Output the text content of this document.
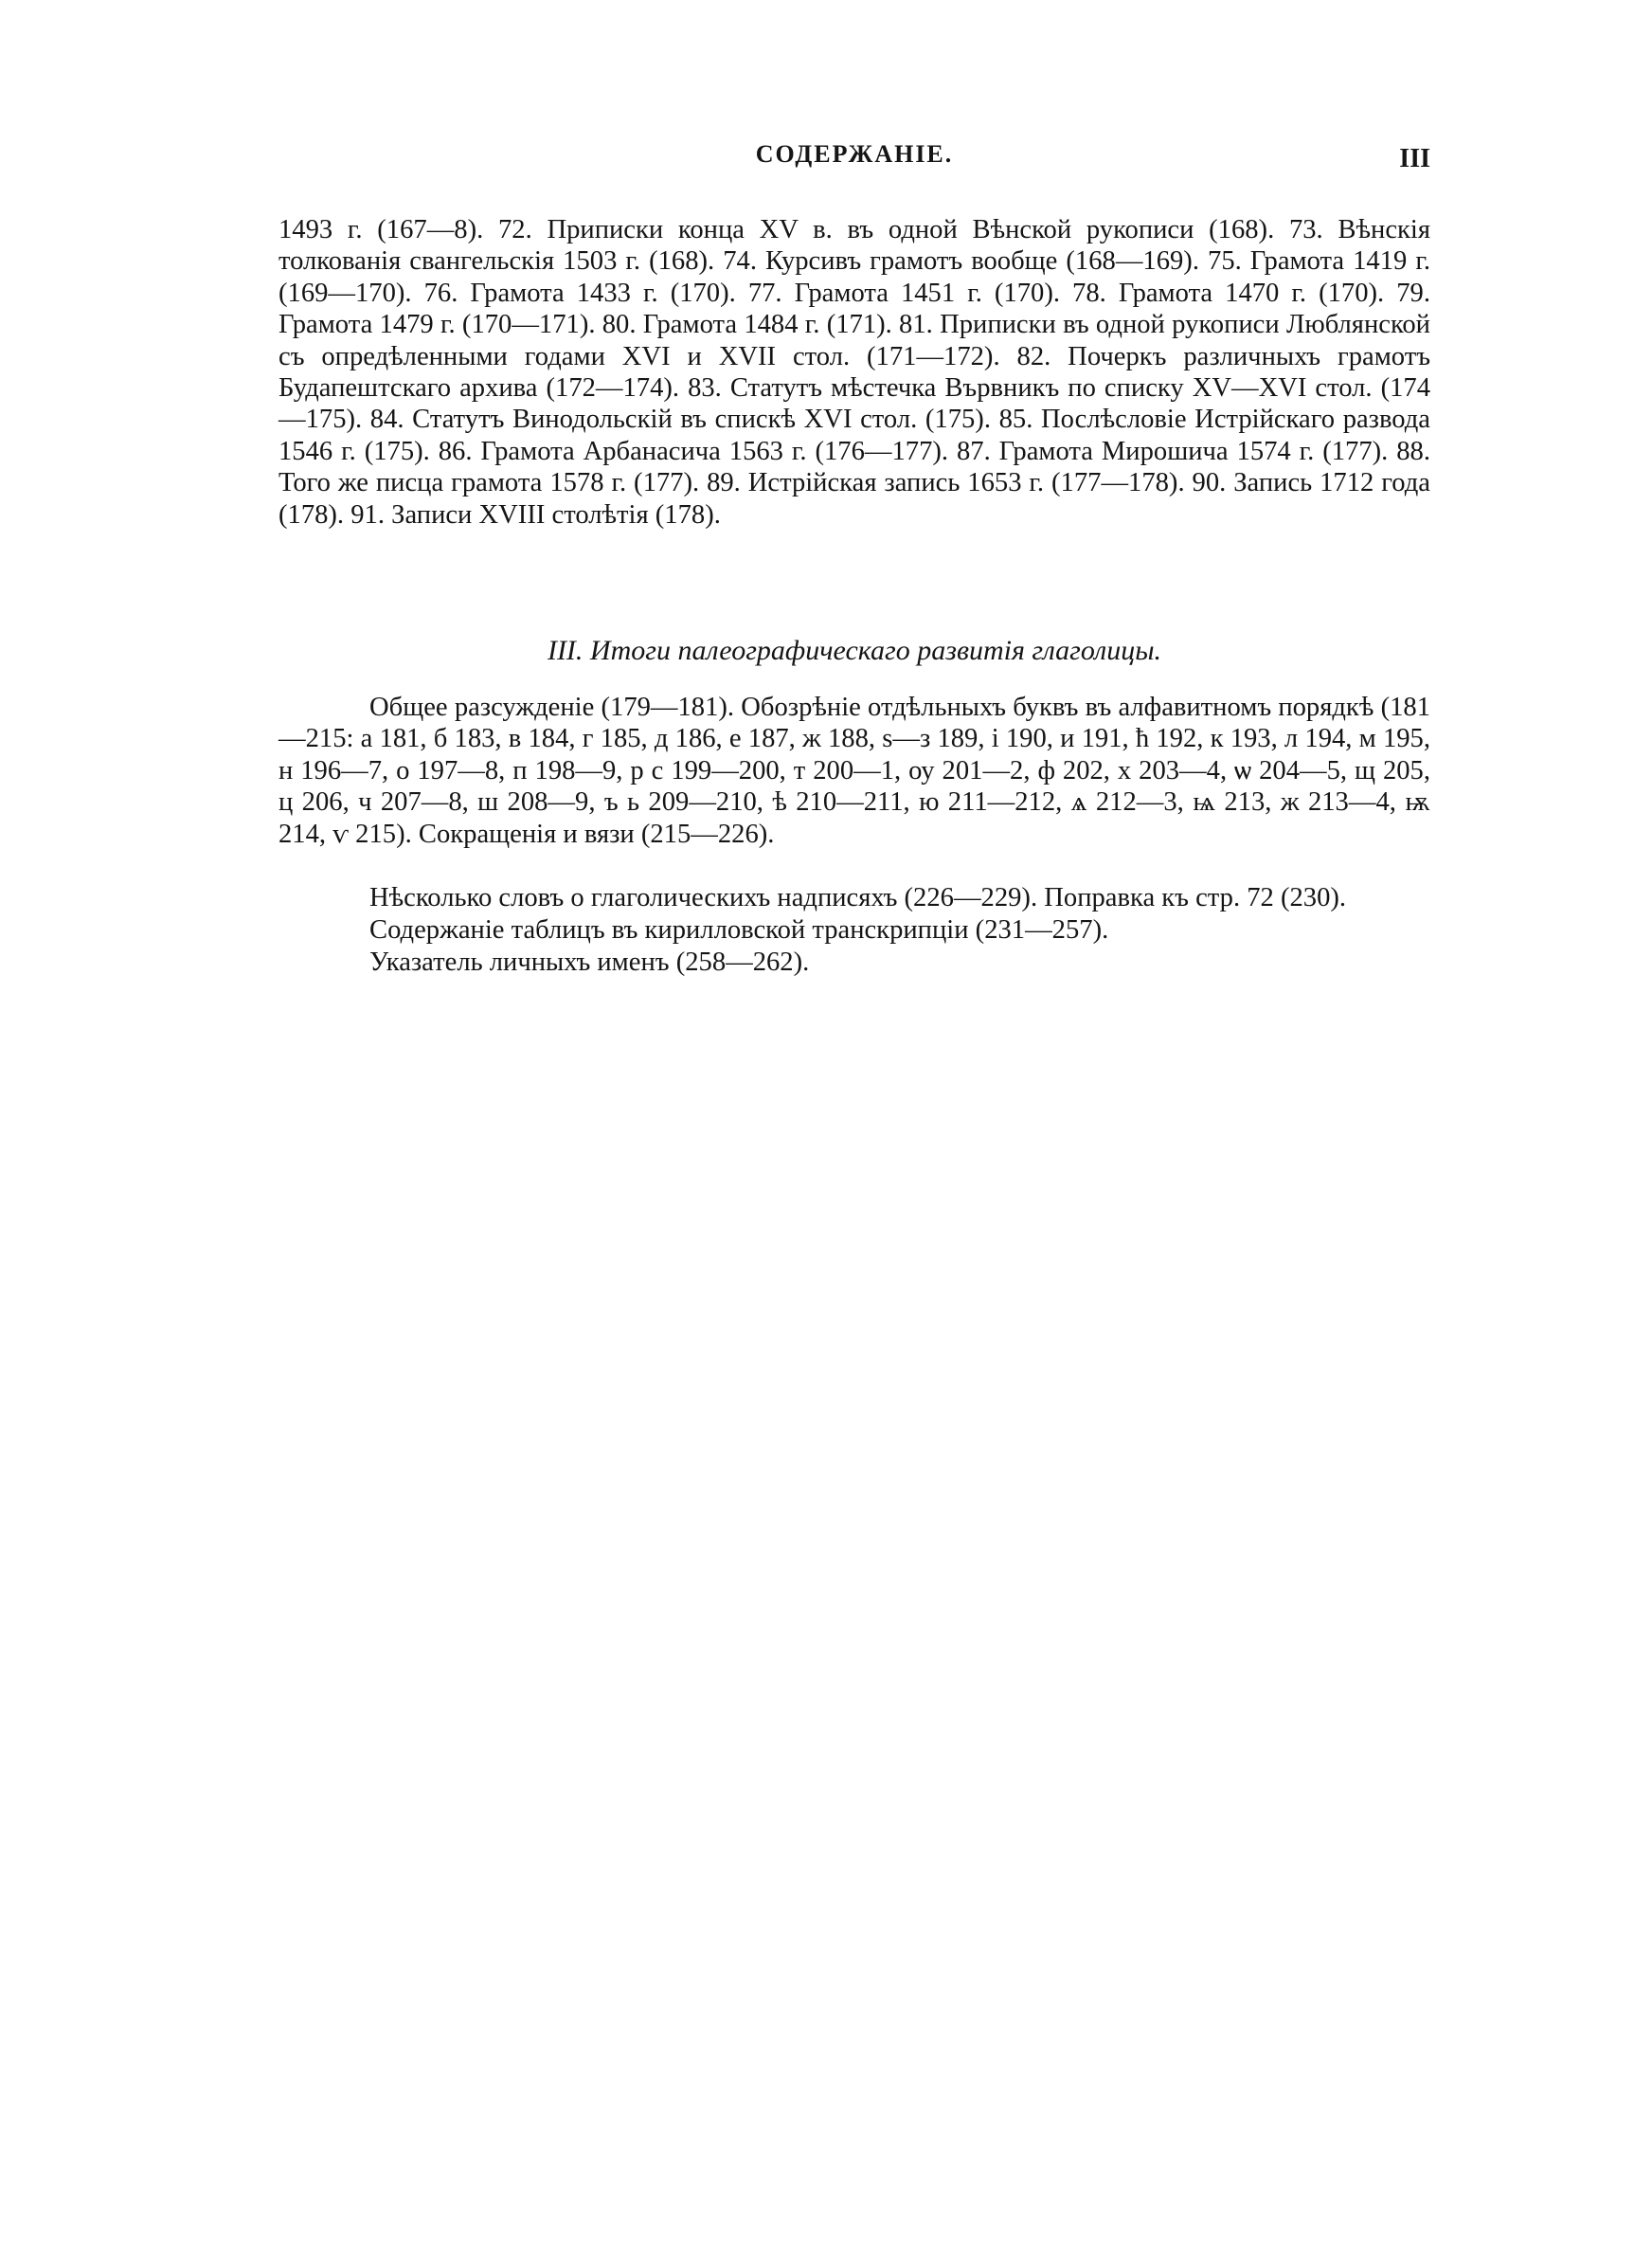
СОДЕРЖАНІЕ.	III
1493 г. (167—8). 72. Приписки конца XV в. въ одной Вѣнской рукописи (168). 73. Вѣнскія толкованія свангельскія 1503 г. (168). 74. Курсивъ грамотъ вообще (168—169). 75. Грамота 1419 г. (169—170). 76. Грамота 1433 г. (170). 77. Грамота 1451 г. (170). 78. Грамота 1470 г. (170). 79. Грамота 1479 г. (170—171). 80. Грамота 1484 г. (171). 81. Приписки въ одной рукописи Люблянской съ опредѣленными годами XVI и XVII стол. (171—172). 82. Почеркъ различныхъ грамотъ Будапештскаго архива (172—174). 83. Статутъ мѣстечка Вървникъ по списку XV—XVI стол. (174—175). 84. Статутъ Винодольскій въ спискѣ XVI стол. (175). 85. Послѣсловіе Истрійскаго развода 1546 г. (175). 86. Грамота Арбанасича 1563 г. (176—177). 87. Грамота Мирошича 1574 г. (177). 88. Того же писца грамота 1578 г. (177). 89. Истрійская запись 1653 г. (177—178). 90. Запись 1712 года (178). 91. Записи XVIII столѣтія (178).
III. Итоги палеографическаго развитія глаголицы.
Общее разсужденіе (179—181). Обозрѣніе отдѣльныхъ буквъ въ алфавитномъ порядкѣ (181—215: а 181, б 183, в 184, г 185, д 186, е 187, ж 188, s—з 189, і 190, и 191, ћ 192, к 193, л 194, м 195, н 196—7, о 197—8, п 198—9, р с 199—200, т 200—1, оу 201—2, ф 202, х 203—4, ѡ 204—5, щ 205, ц 206, ч 207—8, ш 208—9, ъ ь 209—210, ѣ 210—211, ю 211—212, ѧ 212—3, ѩ 213, ж 213—4, ѭ 214, ѵ 215). Сокращенія и вязи (215—226).
Нѣсколько словъ о глаголическихъ надписяхъ (226—229). Поправка къ стр. 72 (230).
Содержаніе таблицъ въ кирилловской транскрипціи (231—257).
Указатель личныхъ именъ (258—262).
